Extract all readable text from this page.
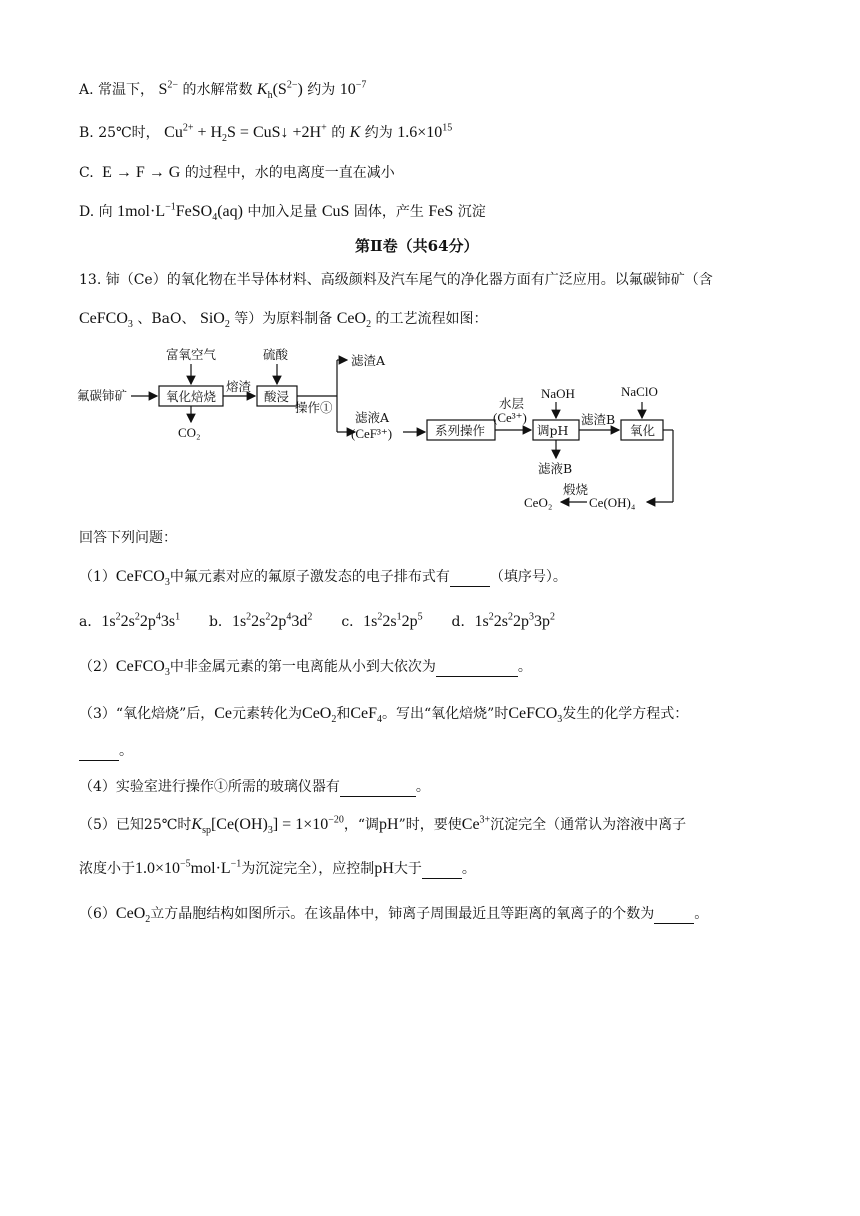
A. 常温下， $S^{2-}$ 的水解常数 $K_h(S^{2-})$ 约为 $10^{-7}$
B. 25℃时， $Cu^{2+} + H_2S$ = CuS↓ +2H+ 的 K 约为 $1.6\times 10^{15}$
C.  E → F → G 的过程中，水的电离度一直在减小
D. 向 $1mol\cdot L^{-1}FeSO_4(aq)$ 中加入足量 CuS 固体，产生 FeS 沉淀
第Ⅱ卷（共64分）
13. 铈（Ce）的氧化物在半导体材料、高级颜料及汽车尾气的净化器方面有广泛应用。以氟碳铈矿（含
CeFCO$_3$ 、BaO、 SiO$_2$ 等）为原料制备 CeO$_2$ 的工艺流程如图：
氟碳铈矿
富氧空气
氧化焙烧
CO₂
熔渣
硫酸
酸浸
操作①
滤渣A
滤液A
(CeF³⁺)	系列操作
水层
(Ce³⁺)
NaOH
调pH
滤渣B
NaClO
氧化
滤液B
煅烧
CeO₂	Ce(OH)₄
回答下列问题：
（1）CeFCO$_3$中氟元素对应的氟原子激发态的电子排布式有	（填序号）。
a．$1s^22s^22p^43s^1$ b．$1s^22s^22p^43d^2$ c．$1s^22s^12p^5$ d．$1s^22s^22p^33p^2$
（2）CeFCO$_3$中非金属元素的第一电离能从小到大依次为	。
（3）“氧化焙烧”后，Ce元素转化为CeO$_2$和CeF$_4$。写出“氧化焙烧”时CeFCO$_3$发生的化学方程式：
。
（4）实验室进行操作①所需的玻璃仪器有	。
（5）已知25℃时$K_{sp}[Ce(OH)_3] = 1\times 10^{-20}$，“调pH”时，要使$Ce^{3+}$沉淀完全（通常认为溶液中离子
浓度小于$1.0\times 10^{-5}mol\cdot L^{-1}$为沉淀完全），应控制pH大于	。
（6）CeO$_2$立方晶胞结构如图所示。在该晶体中，铈离子周围最近且等距离的氧离子的个数为	。
